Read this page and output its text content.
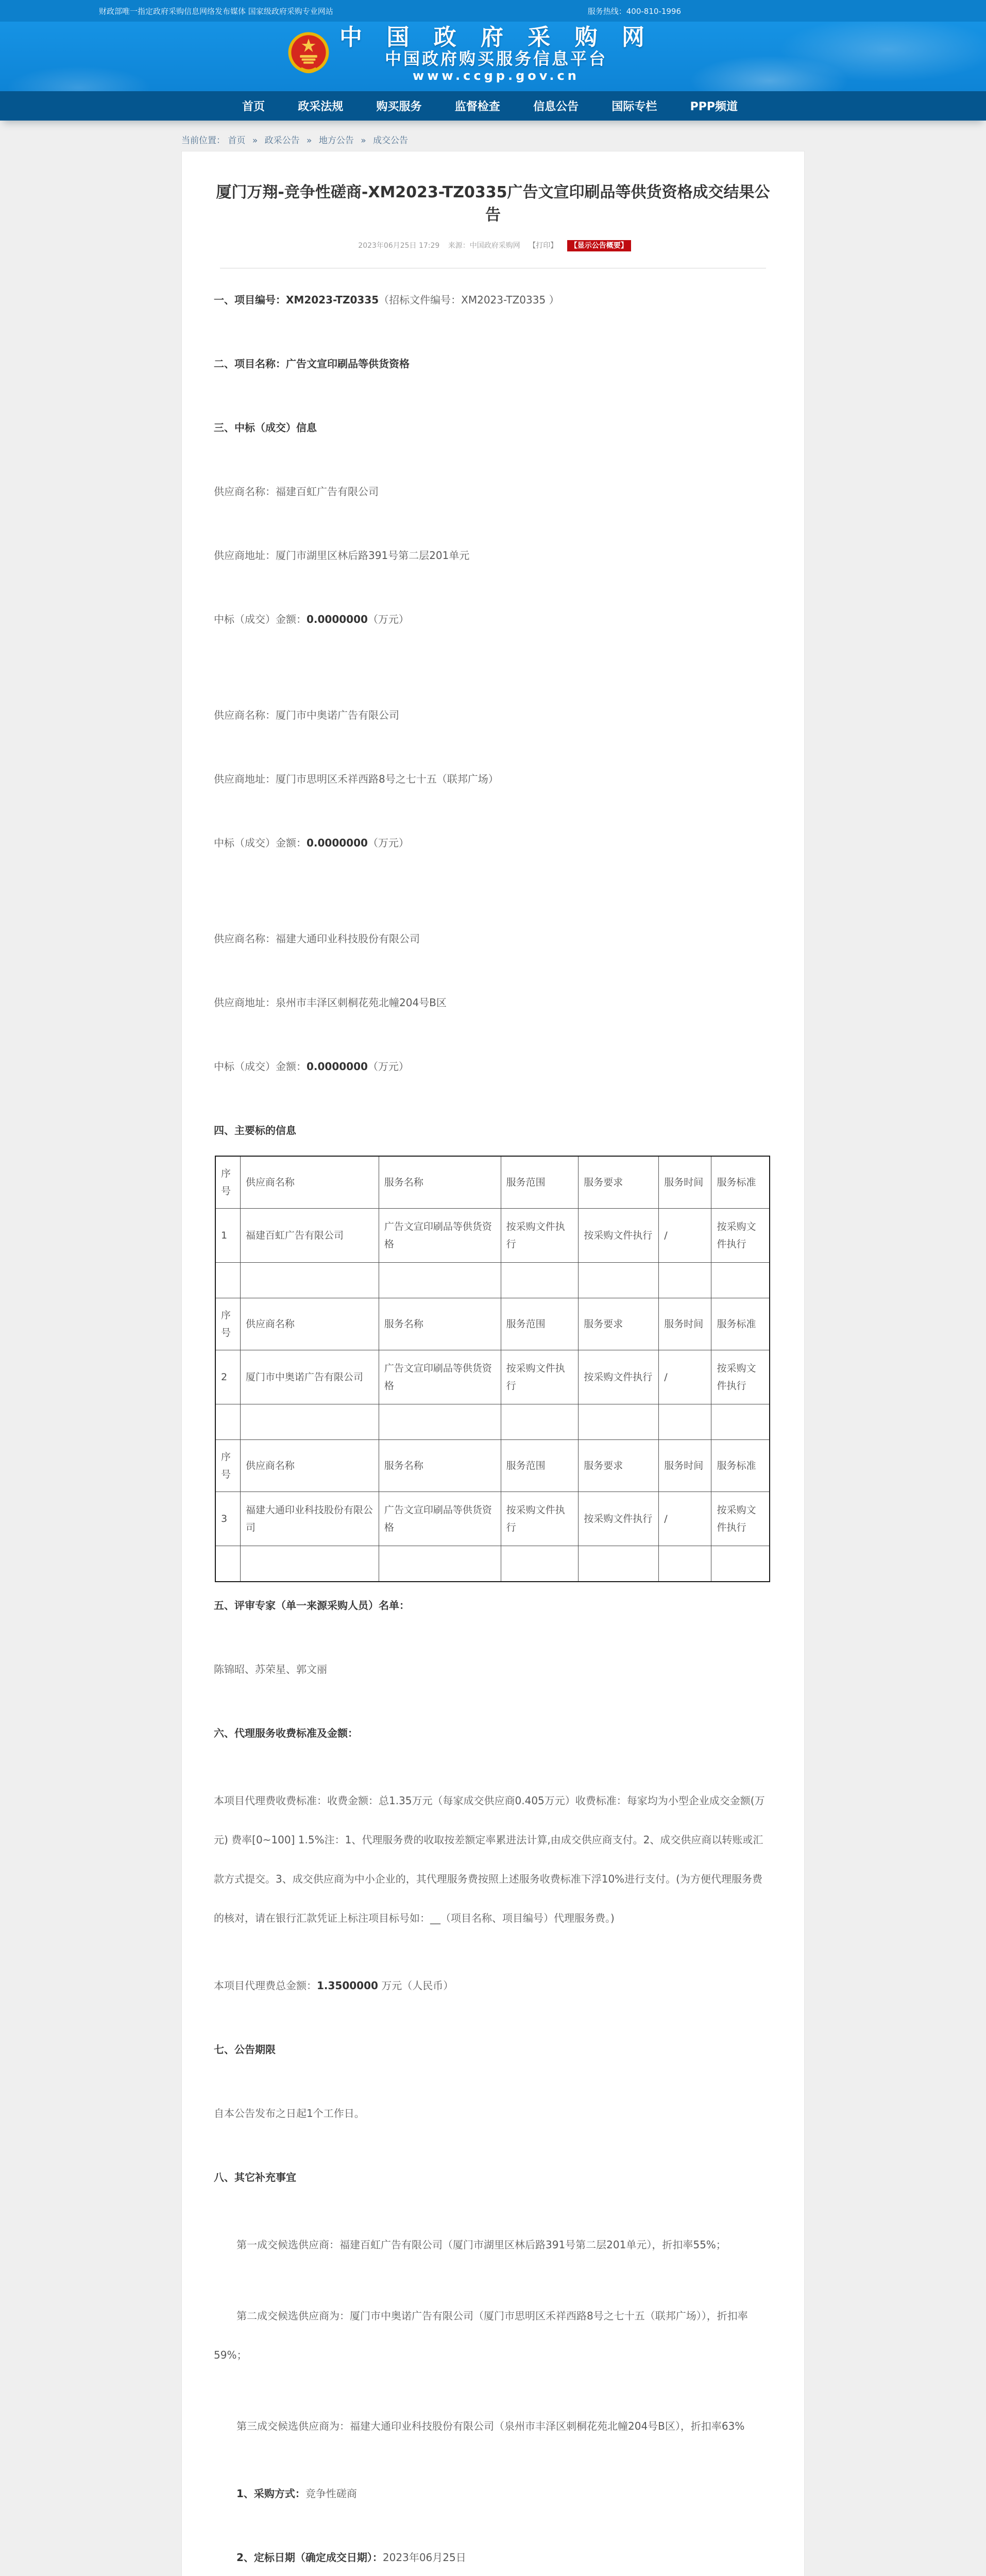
财政部唯一指定政府采购信息网络发布媒体 国家级政府采购专业网站	服务热线：400-810-1996
中 国 政 府 采 购 网
中国政府购买服务信息平台
www.ccgp.gov.cn
首页	政采法规	购买服务	监督检查	信息公告	国际专栏	PPP频道
当前位置： 首页 » 政采公告 » 地方公告 » 成交公告
厦门万翔-竞争性磋商-XM2023-TZ0335广告文宣印刷品等供货资格成交结果公告
2023年06月25日 17:29 来源：中国政府采购网 【打印】 【显示公告概要】

一、项目编号：XM2023-TZ0335（招标文件编号：XM2023-TZ0335 ）

二、项目名称：广告文宣印刷品等供货资格

三、中标（成交）信息

供应商名称：福建百虹广告有限公司

供应商地址：厦门市湖里区林后路391号第二层201单元

中标（成交）金额：0.0000000（万元）

供应商名称：厦门市中奥诺广告有限公司

供应商地址：厦门市思明区禾祥西路8号之七十五（联邦广场）

中标（成交）金额：0.0000000（万元）

供应商名称：福建大通印业科技股份有限公司

供应商地址：泉州市丰泽区刺桐花苑北幢204号B区

中标（成交）金额：0.0000000（万元）

四、主要标的信息

序号	供应商名称	服务名称	服务范围	服务要求	服务时间	服务标准
1	福建百虹广告有限公司	广告文宣印刷品等供货资格	按采购文件执行	按采购文件执行	/	按采购文件执行

序号	供应商名称	服务名称	服务范围	服务要求	服务时间	服务标准
2	厦门市中奥诺广告有限公司	广告文宣印刷品等供货资格	按采购文件执行	按采购文件执行	/	按采购文件执行

序号	供应商名称	服务名称	服务范围	服务要求	服务时间	服务标准
3	福建大通印业科技股份有限公司	广告文宣印刷品等供货资格	按采购文件执行	按采购文件执行	/	按采购文件执行

五、评审专家（单一来源采购人员）名单：

陈锦昭、苏荣星、郭文丽

六、代理服务收费标准及金额：

本项目代理费收费标准：收费金额：总1.35万元（每家成交供应商0.405万元）收费标准：每家均为小型企业成交金额(万元) 费率[0~100] 1.5%注：1、代理服务费的收取按差额定率累进法计算,由成交供应商支付。2、成交供应商以转账或汇款方式提交。3、成交供应商为中小企业的，其代理服务费按照上述服务收费标准下浮10%进行支付。(为方便代理服务费的核对，请在银行汇款凭证上标注项目标号如：__（项目名称、项目编号）代理服务费。)

本项目代理费总金额：1.3500000 万元（人民币）

七、公告期限

自本公告发布之日起1个工作日。

八、其它补充事宜

第一成交候选供应商：福建百虹广告有限公司（厦门市湖里区林后路391号第二层201单元），折扣率55%；

第二成交候选供应商为：厦门市中奥诺广告有限公司（厦门市思明区禾祥西路8号之七十五（联邦广场）），折扣率59%；

第三成交候选供应商为：福建大通印业科技股份有限公司（泉州市丰泽区刺桐花苑北幢204号B区），折扣率63%

1、采购方式：竞争性磋商

2、定标日期（确定成交日期）：2023年06月25日
